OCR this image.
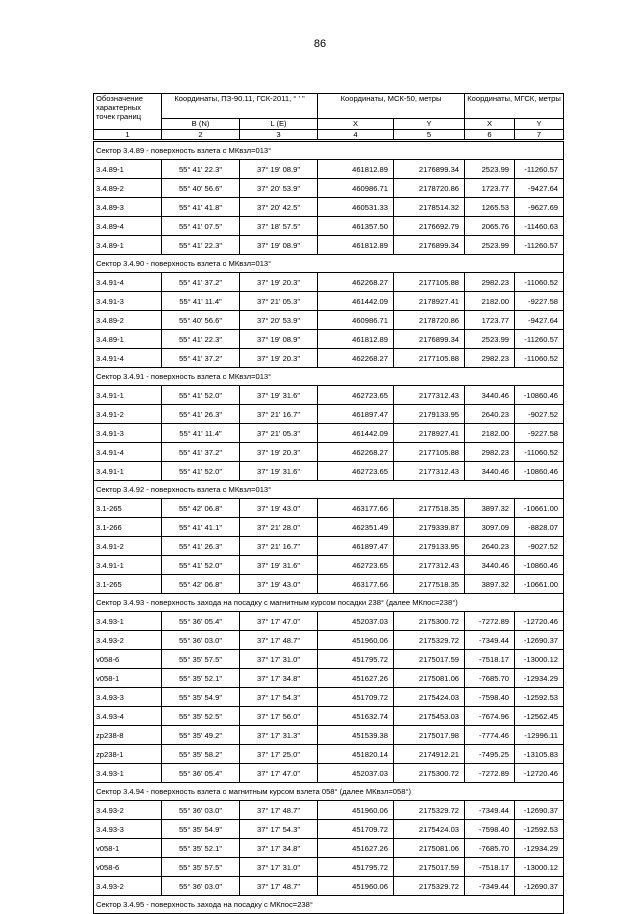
86
Обозначение характерных точек границ	Координаты, ПЗ-90.11, ГСК-2011, ° ' "		Координаты, МСК-50, метры		Координаты, МГСК, метры	
	B (N)	L (E)	X	Y	X	Y
1	2	3	4	5	6	7
Сектор 3.4.89 - поверхность взлета с МКвзл=013°						
3.4.89-1	55° 41' 22.3"	37° 19' 08.9"	461812.89	2176899.34	2523.99	-11260.57
3.4.89-2	55° 40' 56.6"	37° 20' 53.9"	460986.71	2178720.86	1723.77	-9427.64
3.4.89-3	55° 41' 41.8"	37° 20' 42.5"	460531.33	2178514.32	1265.53	-9627.69
3.4.89-4	55° 41' 07.5"	37° 18' 57.5"	461357.50	2176692.79	2065.76	-11460.63
3.4.89-1	55° 41' 22.3"	37° 19' 08.9"	461812.89	2176899.34	2523.99	-11260.57
Сектор 3.4.90 - поверхность взлета с МКвзл=013°						
3.4.91-4	55° 41' 37.2"	37° 19' 20.3"	462268.27	2177105.88	2982.23	-11060.52
3.4.91-3	55° 41' 11.4"	37° 21' 05.3"	461442.09	2178927.41	2182.00	-9227.58
3.4.89-2	55° 40' 56.6"	37° 20' 53.9"	460986.71	2178720.86	1723.77	-9427.64
3.4.89-1	55° 41' 22.3"	37° 19' 08.9"	461812.89	2176899.34	2523.99	-11260.57
3.4.91-4	55° 41' 37.2"	37° 19' 20.3"	462268.27	2177105.88	2982.23	-11060.52
Сектор 3.4.91 - поверхность взлета с МКвзл=013°						
3.4.91-1	55° 41' 52.0"	37° 19' 31.6"	462723.65	2177312.43	3440.46	-10860.46
3.4.91-2	55° 41' 26.3"	37° 21' 16.7"	461897.47	2179133.95	2640.23	-9027.52
3.4.91-3	55° 41' 11.4"	37° 21' 05.3"	461442.09	2178927.41	2182.00	-9227.58
3.4.91-4	55° 41' 37.2"	37° 19' 20.3"	462268.27	2177105.88	2982.23	-11060.52
3.4.91-1	55° 41' 52.0"	37° 19' 31.6"	462723.65	2177312.43	3440.46	-10860.46
Сектор 3.4.92 - поверхность взлета с МКвзл=013°						
3.1-265	55° 42' 06.8"	37° 19' 43.0"	463177.66	2177518.35	3897.32	-10661.00
3.1-266	55° 41' 41.1"	37° 21' 28.0"	462351.49	2179339.87	3097.09	-8828.07
3.4.91-2	55° 41' 26.3"	37° 21' 16.7"	461897.47	2179133.95	2640.23	-9027.52
3.4.91-1	55° 41' 52.0"	37° 19' 31.6"	462723.65	2177312.43	3440.46	-10860.46
3.1-265	55° 42' 06.8"	37° 19' 43.0"	463177.66	2177518.35	3897.32	-10661.00
Сектор 3.4.93 - поверхность захода на посадку с магнитным курсом посадки 238° (далее МКпос=238°)						
3.4.93-1	55° 36' 05.4"	37° 17' 47.0"	452037.03	2175300.72	-7272.89	-12720.46
3.4.93-2	55° 36' 03.0"	37° 17' 48.7"	451960.06	2175329.72	-7349.44	-12690.37
v058-6	55° 35' 57.5"	37° 17' 31.0"	451795.72	2175017.59	-7518.17	-13000.12
v058-1	55° 35' 52.1"	37° 17' 34.8"	451627.26	2175081.06	-7685.70	-12934.29
3.4.93-3	55° 35' 54.9"	37° 17' 54.3"	451709.72	2175424.03	-7598.40	-12592.53
3.4.93-4	55° 35' 52.5"	37° 17' 56.0"	451632.74	2175453.03	-7674.96	-12562.45
zp238-8	55° 35' 49.2"	37° 17' 31.3"	451539.38	2175017.98	-7774.46	-12996.11
zp238-1	55° 35' 58.2"	37° 17' 25.0"	451820.14	2174912.21	-7495.25	-13105.83
3.4.93-1	55° 36' 05.4"	37° 17' 47.0"	452037.03	2175300.72	-7272.89	-12720.46
Сектор 3.4.94 - поверхность взлета с магнитным курсом взлета 058° (далее МКвзл=058°)						
3.4.93-2	55° 36' 03.0"	37° 17' 48.7"	451960.06	2175329.72	-7349.44	-12690.37
3.4.93-3	55° 35' 54.9"	37° 17' 54.3"	451709.72	2175424.03	-7598.40	-12592.53
v058-1	55° 35' 52.1"	37° 17' 34.8"	451627.26	2175081.06	-7685.70	-12934.29
v058-6	55° 35' 57.5"	37° 17' 31.0"	451795.72	2175017.59	-7518.17	-13000.12
3.4.93-2	55° 36' 03.0"	37° 17' 48.7"	451960.06	2175329.72	-7349.44	-12690.37
Сектор 3.4.95 - поверхность захода на посадку с МКпос=238°						
